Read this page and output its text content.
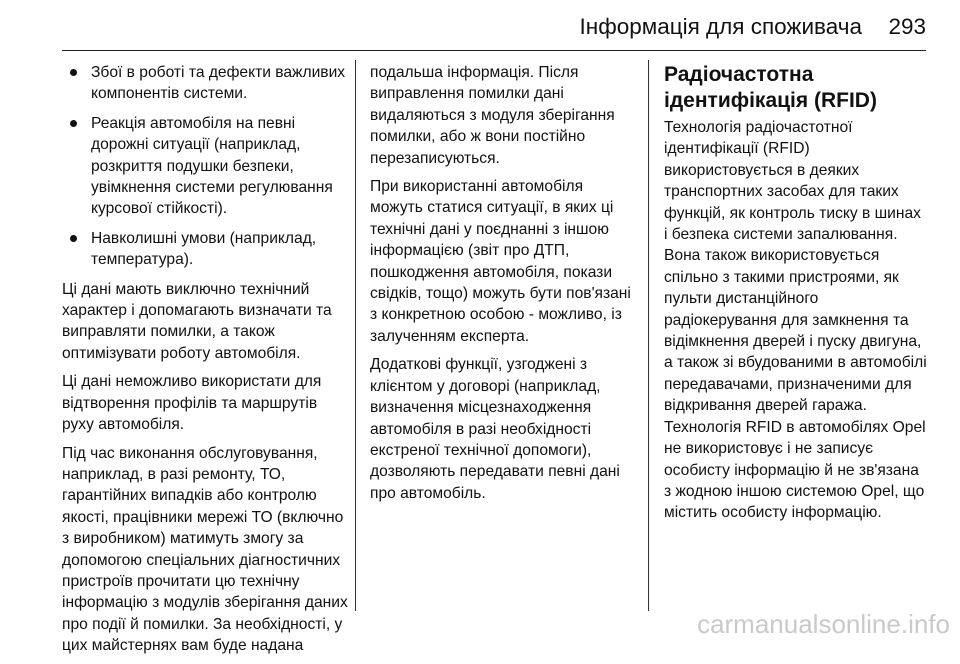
Інформація для споживача 293
Збої в роботі та дефекти важливих компонентів системи.
Реакція автомобіля на певні дорожні ситуації (наприклад, розкриття подушки безпеки, увімкнення системи регулювання курсової стійкості).
Навколишні умови (наприклад, температура).

Ці дані мають виключно технічний характер і допомагають визначати та виправляти помилки, а також оптимізувати роботу автомобіля.

Ці дані неможливо використати для відтворення профілів та маршрутів руху автомобіля.

Під час виконання обслуговування, наприклад, в разі ремонту, ТО, гарантійних випадків або контролю якості, працівники мережі ТО (включно з виробником) матимуть змогу за допомогою спеціальних діагностичних пристроїв прочитати цю технічну інформацію з модулів зберігання даних про події й помилки. За необхідності, у цих майстернях вам буде надана

подальша інформація. Після виправлення помилки дані видаляються з модуля зберігання помилки, або ж вони постійно перезаписуються.

При використанні автомобіля можуть статися ситуації, в яких ці технічні дані у поєднанні з іншою інформацією (звіт про ДТП, пошкодження автомобіля, покази свідків, тощо) можуть бути пов'язані з конкретною особою - можливо, із залученням експерта.

Додаткові функції, узгоджені з клієнтом у договорі (наприклад, визначення місцезнаходження автомобіля в разі необхідності екстреної технічної допомоги), дозволяють передавати певні дані про автомобіль.

Радіочастотна ідентифікація (RFID)

Технологія радіочастотної ідентифікації (RFID) використовується в деяких транспортних засобах для таких функцій, як контроль тиску в шинах і безпека системи запалювання. Вона також використовується спільно з такими пристроями, як пульти дистанційного радіокерування для замкнення та відімкнення дверей і пуску двигуна, а також зі вбудованими в автомобілі передавачами, призначеними для відкривання дверей гаража. Технологія RFID в автомобілях Opel не використовує і не записує особисту інформацію й не зв'язана з жодною іншою системою Opel, що містить особисту інформацію.

carmanualsonline.info
